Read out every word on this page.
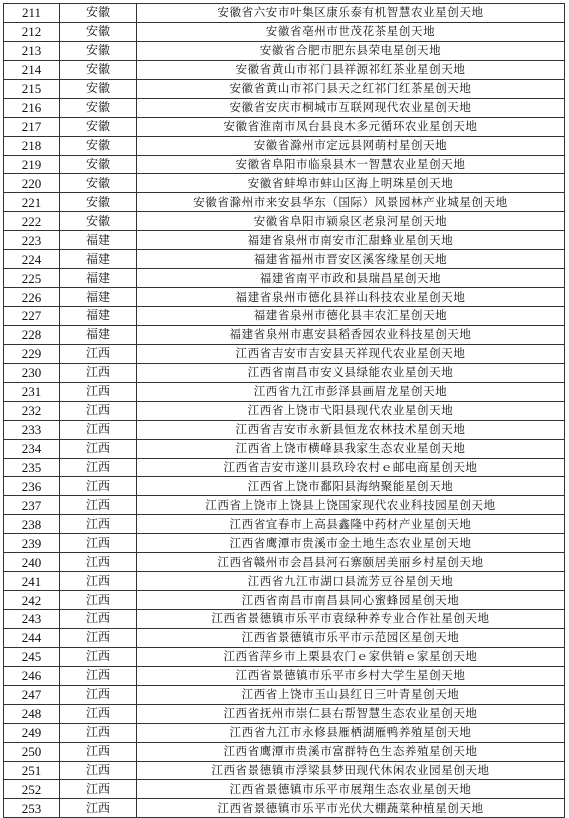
211	安徽	安徽省六安市叶集区康乐泰有机智慧农业星创天地
212	安徽	安徽省亳州市世茂花茶星创天地
213	安徽	安徽省合肥市肥东县荣电星创天地
214	安徽	安徽省黄山市祁门县祥源祁红茶业星创天地
215	安徽	安徽省黄山市祁门县天之红祁门红茶星创天地
216	安徽	安徽省安庆市桐城市互联网现代农业星创天地
217	安徽	安徽省淮南市凤台县良木多元循环农业星创天地
218	安徽	安徽省滁州市定远县网萌村星创天地
219	安徽	安徽省阜阳市临泉县木一智慧农业星创天地
220	安徽	安徽省蚌埠市蚌山区海上明珠星创天地
221	安徽	安徽省滁州市来安县华东（国际）风景园林产业城星创天地
222	安徽	安徽省阜阳市颍泉区老泉河星创天地
223	福建	福建省泉州市南安市汇甜蜂业星创天地
224	福建	福建省福州市晋安区溪客缘星创天地
225	福建	福建省南平市政和县瑞昌星创天地
226	福建	福建省泉州市德化县祥山科技农业星创天地
227	福建	福建省泉州市德化县丰农汇星创天地
228	福建	福建省泉州市惠安县稻香园农业科技星创天地
229	江西	江西省吉安市吉安县天祥现代农业星创天地
230	江西	江西省南昌市安义县绿能农业星创天地
231	江西	江西省九江市彭泽县画眉龙星创天地
232	江西	江西省上饶市弋阳县现代农业星创天地
233	江西	江西省吉安市永新县恒龙农林技术星创天地
234	江西	江西省上饶市横峰县我家生态农业星创天地
235	江西	江西省吉安市遂川县玖玲农村ｅ邮电商星创天地
236	江西	江西省上饶市鄱阳县海纳聚能星创天地
237	江西	江西省上饶市上饶县上饶国家现代农业科技园星创天地
238	江西	江西省宜春市上高县鑫隆中药材产业星创天地
239	江西	江西省鹰潭市贵溪市金土地生态农业星创天地
240	江西	江西省赣州市会昌县河石寨颐居美丽乡村星创天地
241	江西	江西省九江市湖口县流芳豆谷星创天地
242	江西	江西省南昌市南昌县同心蜜蜂园星创天地
243	江西	江西省景德镇市乐平市袁绿种养专业合作社星创天地
244	江西	江西省景德镇市乐平市示范园区星创天地
245	江西	江西省萍乡市上栗县农门ｅ家供销ｅ家星创天地
246	江西	江西省景德镇市乐平市乡村大学生星创天地
247	江西	江西省上饶市玉山县红日三叶青星创天地
248	江西	江西省抚州市崇仁县右帮智慧生态农业星创天地
249	江西	江西省九江市永修县雁栖湖雁鸭养殖星创天地
250	江西	江西省鹰潭市贵溪市富群特色生态养殖星创天地
251	江西	江西省景德镇市浮梁县梦田现代休闲农业园星创天地
252	江西	江西省景德镇市乐平市展翔生态农业星创天地
253	江西	江西省景德镇市乐平市光伏大棚蔬菜种植星创天地
